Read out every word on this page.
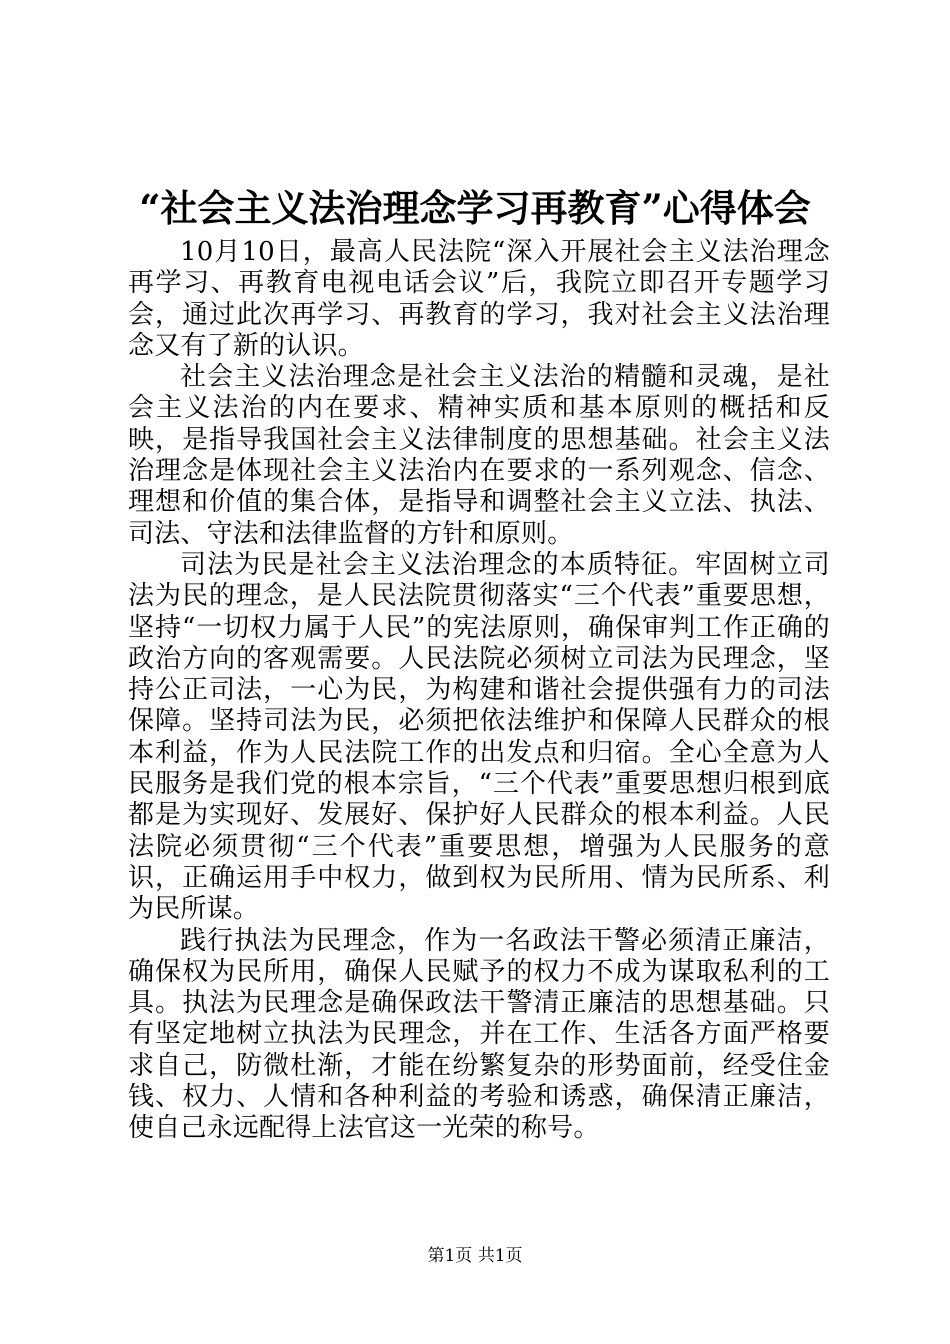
“社会主义法治理念学习再教育”心得体会

10月10日，最高人民法院“深入开展社会主义法治理念再学习、再教育电视电话会议”后，我院立即召开专题学习会，通过此次再学习、再教育的学习，我对社会主义法治理念又有了新的认识。

社会主义法治理念是社会主义法治的精髓和灵魂，是社会主义法治的内在要求、精神实质和基本原则的概括和反映，是指导我国社会主义法律制度的思想基础。社会主义法治理念是体现社会主义法治内在要求的一系列观念、信念、理想和价值的集合体，是指导和调整社会主义立法、执法、司法、守法和法律监督的方针和原则。

司法为民是社会主义法治理念的本质特征。牢固树立司法为民的理念，是人民法院贯彻落实“三个代表”重要思想，坚持“一切权力属于人民”的宪法原则，确保审判工作正确的政治方向的客观需要。人民法院必须树立司法为民理念，坚持公正司法，一心为民，为构建和谐社会提供强有力的司法保障。坚持司法为民，必须把依法维护和保障人民群众的根本利益，作为人民法院工作的出发点和归宿。全心全意为人民服务是我们党的根本宗旨，“三个代表”重要思想归根到底都是为实现好、发展好、保护好人民群众的根本利益。人民法院必须贯彻“三个代表”重要思想，增强为人民服务的意识，正确运用手中权力，做到权为民所用、情为民所系、利为民所谋。

践行执法为民理念，作为一名政法干警必须清正廉洁，确保权为民所用，确保人民赋予的权力不成为谋取私利的工具。执法为民理念是确保政法干警清正廉洁的思想基础。只有坚定地树立执法为民理念，并在工作、生活各方面严格要求自己，防微杜渐，才能在纷繁复杂的形势面前，经受住金钱、权力、人情和各种利益的考验和诱惑，确保清正廉洁，使自己永远配得上法官这一光荣的称号。

第1页 共1页
